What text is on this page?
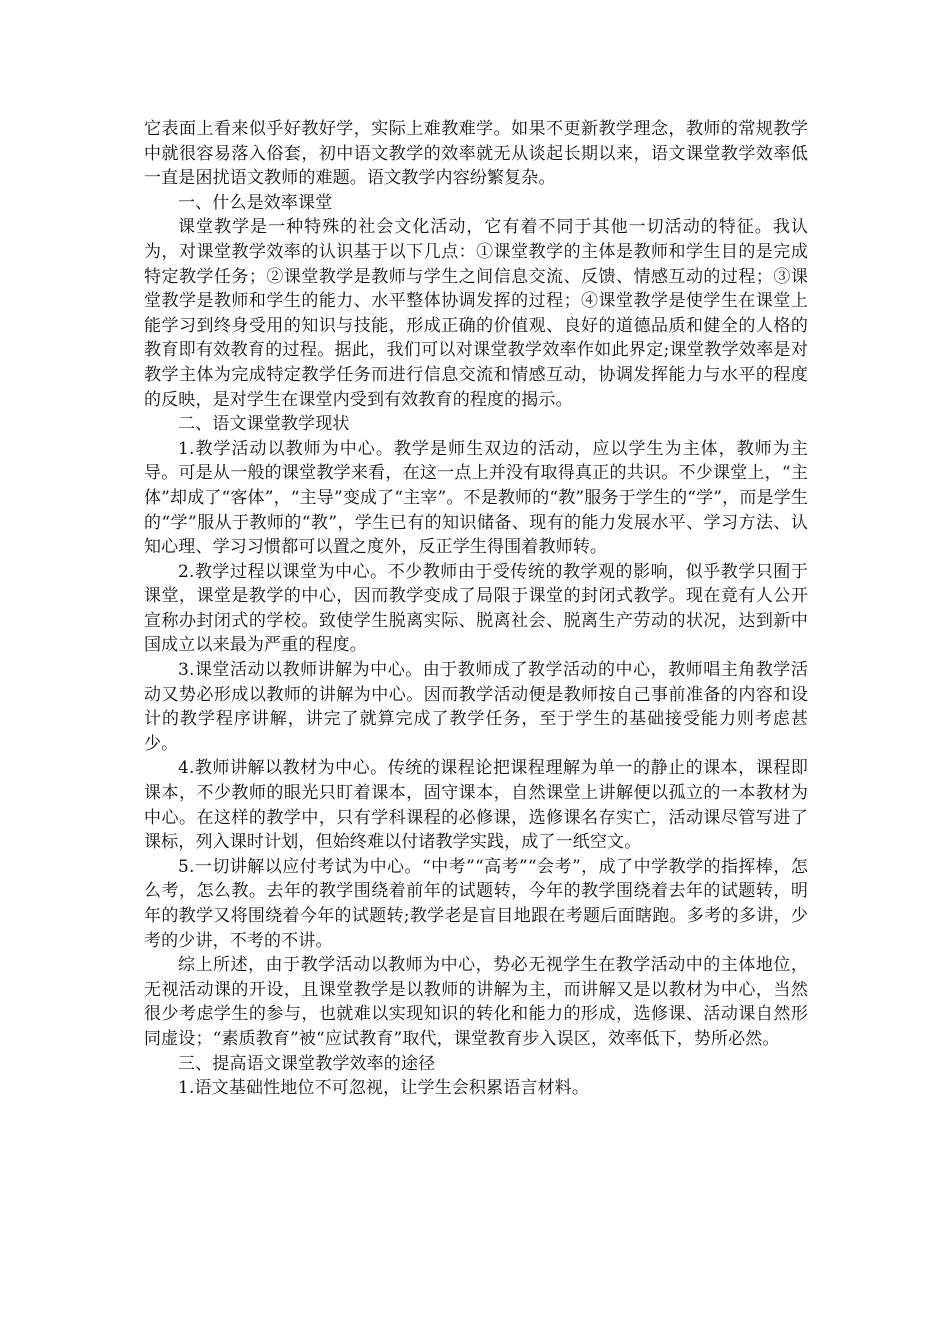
它表面上看来似乎好教好学，实际上难教难学。如果不更新教学理念，教师的常规教学中就很容易落入俗套，初中语文教学的效率就无从谈起长期以来，语文课堂教学效率低一直是困扰语文教师的难题。语文教学内容纷繁复杂。

一、什么是效率课堂

课堂教学是一种特殊的社会文化活动，它有着不同于其他一切活动的特征。我认为，对课堂教学效率的认识基于以下几点：①课堂教学的主体是教师和学生目的是完成特定教学任务；②课堂教学是教师与学生之间信息交流、反馈、情感互动的过程；③课堂教学是教师和学生的能力、水平整体协调发挥的过程；④课堂教学是使学生在课堂上能学习到终身受用的知识与技能，形成正确的价值观、良好的道德品质和健全的人格的教育即有效教育的过程。据此，我们可以对课堂教学效率作如此界定;课堂教学效率是对教学主体为完成特定教学任务而进行信息交流和情感互动，协调发挥能力与水平的程度的反映，是对学生在课堂内受到有效教育的程度的揭示。

二、语文课堂教学现状

1.教学活动以教师为中心。教学是师生双边的活动，应以学生为主体，教师为主导。可是从一般的课堂教学来看，在这一点上并没有取得真正的共识。不少课堂上，“主体”却成了“客体”，“主导”变成了“主宰”。不是教师的“教”服务于学生的“学”，而是学生的“学”服从于教师的“教”，学生已有的知识储备、现有的能力发展水平、学习方法、认知心理、学习习惯都可以置之度外，反正学生得围着教师转。

2.教学过程以课堂为中心。不少教师由于受传统的教学观的影响，似乎教学只囿于课堂，课堂是教学的中心，因而教学变成了局限于课堂的封闭式教学。现在竟有人公开宣称办封闭式的学校。致使学生脱离实际、脱离社会、脱离生产劳动的状况，达到新中国成立以来最为严重的程度。

3.课堂活动以教师讲解为中心。由于教师成了教学活动的中心，教师唱主角教学活动又势必形成以教师的讲解为中心。因而教学活动便是教师按自己事前准备的内容和设计的教学程序讲解，讲完了就算完成了教学任务，至于学生的基础接受能力则考虑甚少。

4.教师讲解以教材为中心。传统的课程论把课程理解为单一的静止的课本，课程即课本，不少教师的眼光只盯着课本，固守课本，自然课堂上讲解便以孤立的一本教材为中心。在这样的教学中，只有学科课程的必修课，选修课名存实亡，活动课尽管写进了课标，列入课时计划，但始终难以付诸教学实践，成了一纸空文。

5.一切讲解以应付考试为中心。“中考”“高考”“会考”，成了中学教学的指挥棒，怎么考，怎么教。去年的教学围绕着前年的试题转，今年的教学围绕着去年的试题转，明年的教学又将围绕着今年的试题转;教学老是盲目地跟在考题后面瞎跑。多考的多讲，少考的少讲，不考的不讲。

综上所述，由于教学活动以教师为中心，势必无视学生在教学活动中的主体地位，无视活动课的开设，且课堂教学是以教师的讲解为主，而讲解又是以教材为中心，当然很少考虑学生的参与，也就难以实现知识的转化和能力的形成，选修课、活动课自然形同虚设；“素质教育”被“应试教育”取代，课堂教育步入误区，效率低下，势所必然。

三、提高语文课堂教学效率的途径

1.语文基础性地位不可忽视，让学生会积累语言材料。
